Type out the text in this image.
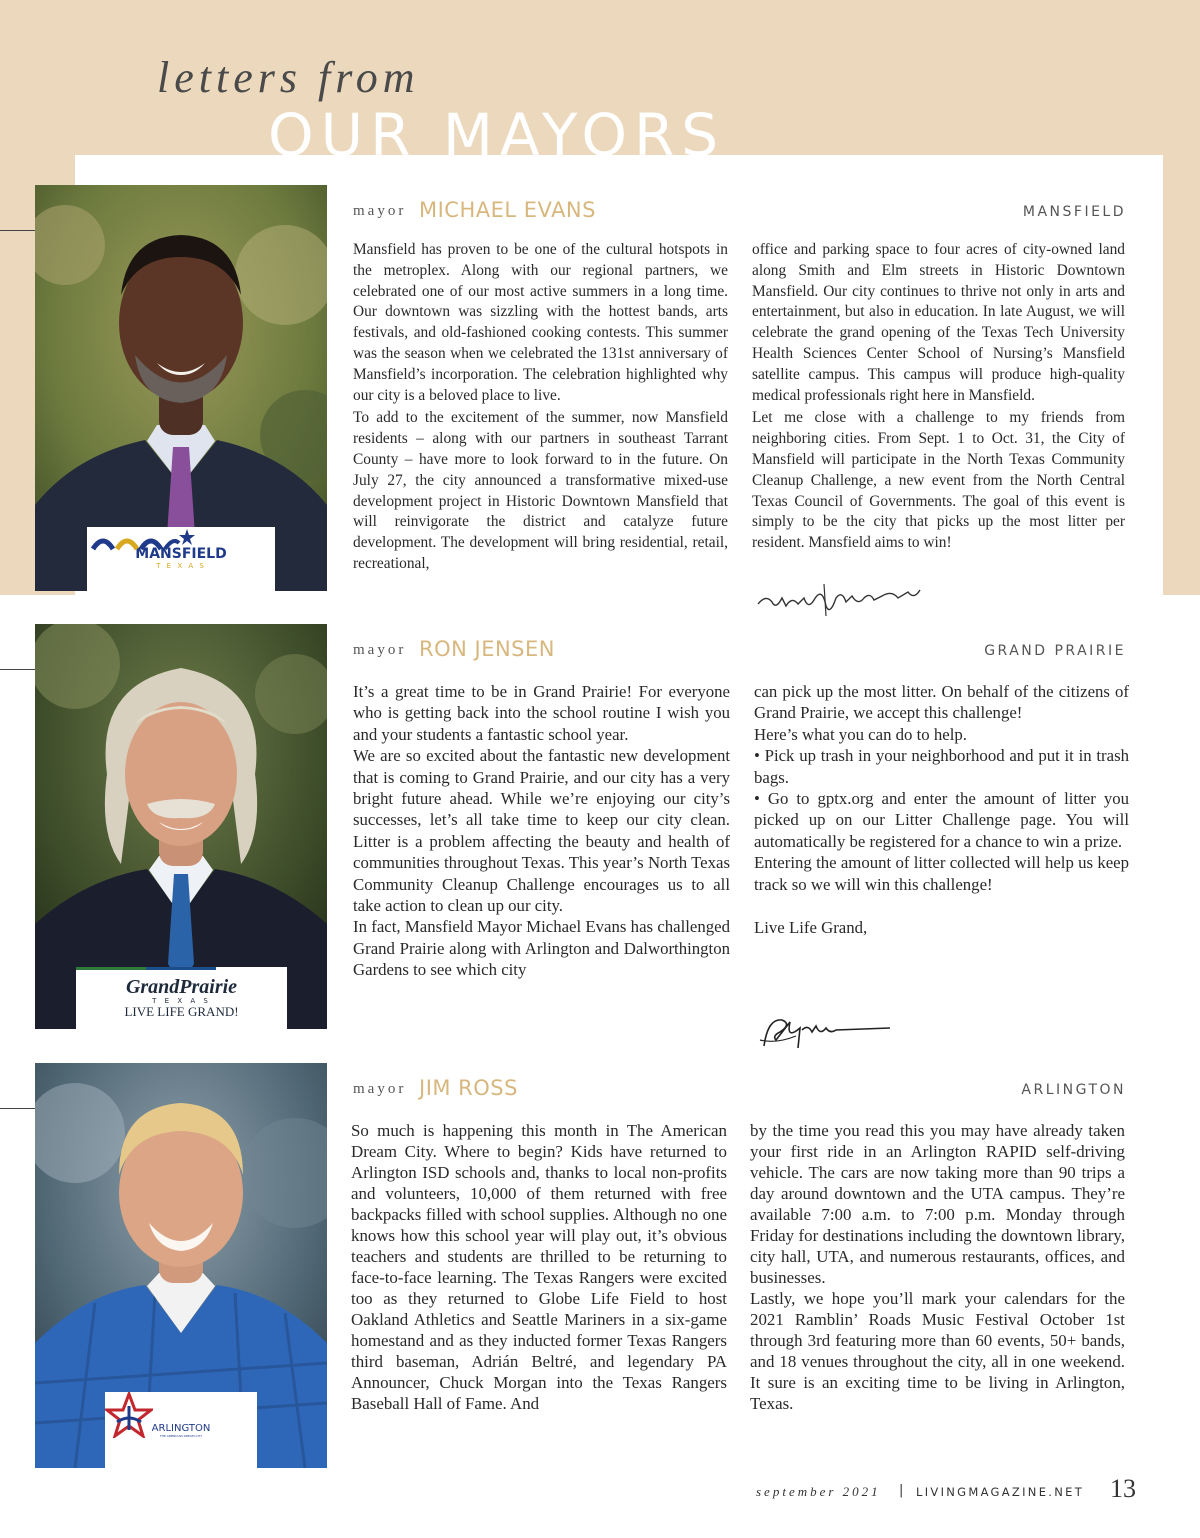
letters from
OUR MAYORS
MANSFIELD
T E X A S
mayor MICHAEL EVANS	MANSFIELD

Mansfield has proven to be one of the cultural hotspots in the metroplex. Along with our regional partners, we celebrated one of our most active summers in a long time. Our downtown was sizzling with the hottest bands, arts festivals, and old-fashioned cooking contests. This summer was the season when we celebrated the 131st anniversary of Mansfield’s incorporation. The celebration highlighted why our city is a beloved place to live.

To add to the excitement of the summer, now Mansfield residents – along with our partners in southeast Tarrant County – have more to look forward to in the future. On July 27, the city announced a transformative mixed-use development project in Historic Downtown Mansfield that will reinvigorate the district and catalyze future development. The development will bring residential, retail, recreational,

office and parking space to four acres of city-owned land along Smith and Elm streets in Historic Downtown Mansfield. Our city continues to thrive not only in arts and entertainment, but also in education. In late August, we will celebrate the grand opening of the Texas Tech University Health Sciences Center School of Nursing’s Mansfield satellite campus. This campus will produce high-quality medical professionals right here in Mansfield.

Let me close with a challenge to my friends from neighboring cities. From Sept. 1 to Oct. 31, the City of Mansfield will participate in the North Texas Community Cleanup Challenge, a new event from the North Central Texas Council of Governments. The goal of this event is simply to be the city that picks up the most litter per resident. Mansfield aims to win!

GrandPrairie
T E X A S
LIVE LIFE GRAND!
mayor RON JENSEN	GRAND PRAIRIE

It’s a great time to be in Grand Prairie! For everyone who is getting back into the school routine I wish you and your students a fantastic school year.

We are so excited about the fantastic new development that is coming to Grand Prairie, and our city has a very bright future ahead. While we’re enjoying our city’s successes, let’s all take time to keep our city clean. Litter is a problem affecting the beauty and health of communities throughout Texas. This year’s North Texas Community Cleanup Challenge encourages us to all take action to clean up our city.

In fact, Mansfield Mayor Michael Evans has challenged Grand Prairie along with Arlington and Dalworthington Gardens to see which city

can pick up the most litter. On behalf of the citizens of Grand Prairie, we accept this challenge!

Here’s what you can do to help.

• Pick up trash in your neighborhood and put it in trash bags.

• Go to gptx.org and enter the amount of litter you picked up on our Litter Challenge page. You will automatically be registered for a chance to win a prize.

Entering the amount of litter collected will help us keep track so we will win this challenge!

Live Life Grand,

ARLINGTON
THE AMERICAN DREAM CITY
mayor JIM ROSS	ARLINGTON

So much is happening this month in The American Dream City. Where to begin? Kids have returned to Arlington ISD schools and, thanks to local non-profits and volunteers, 10,000 of them returned with free backpacks filled with school supplies. Although no one knows how this school year will play out, it’s obvious teachers and students are thrilled to be returning to face-to-face learning. The Texas Rangers were excited too as they returned to Globe Life Field to host Oakland Athletics and Seattle Mariners in a six-game homestand and as they inducted former Texas Rangers third baseman, Adrián Beltré, and legendary PA Announcer, Chuck Morgan into the Texas Rangers Baseball Hall of Fame. And

by the time you read this you may have already taken your first ride in an Arlington RAPID self-driving vehicle. The cars are now taking more than 90 trips a day around downtown and the UTA campus. They’re available 7:00 a.m. to 7:00 p.m. Monday through Friday for destinations including the downtown library, city hall, UTA, and numerous restaurants, offices, and businesses.

Lastly, we hope you’ll mark your calendars for the 2021 Ramblin’ Roads Music Festival October 1st through 3rd featuring more than 60 events, 50+ bands, and 18 venues throughout the city, all in one weekend. It sure is an exciting time to be living in Arlington, Texas.

september 2021 | LIVINGMAGAZINE.NET 13
